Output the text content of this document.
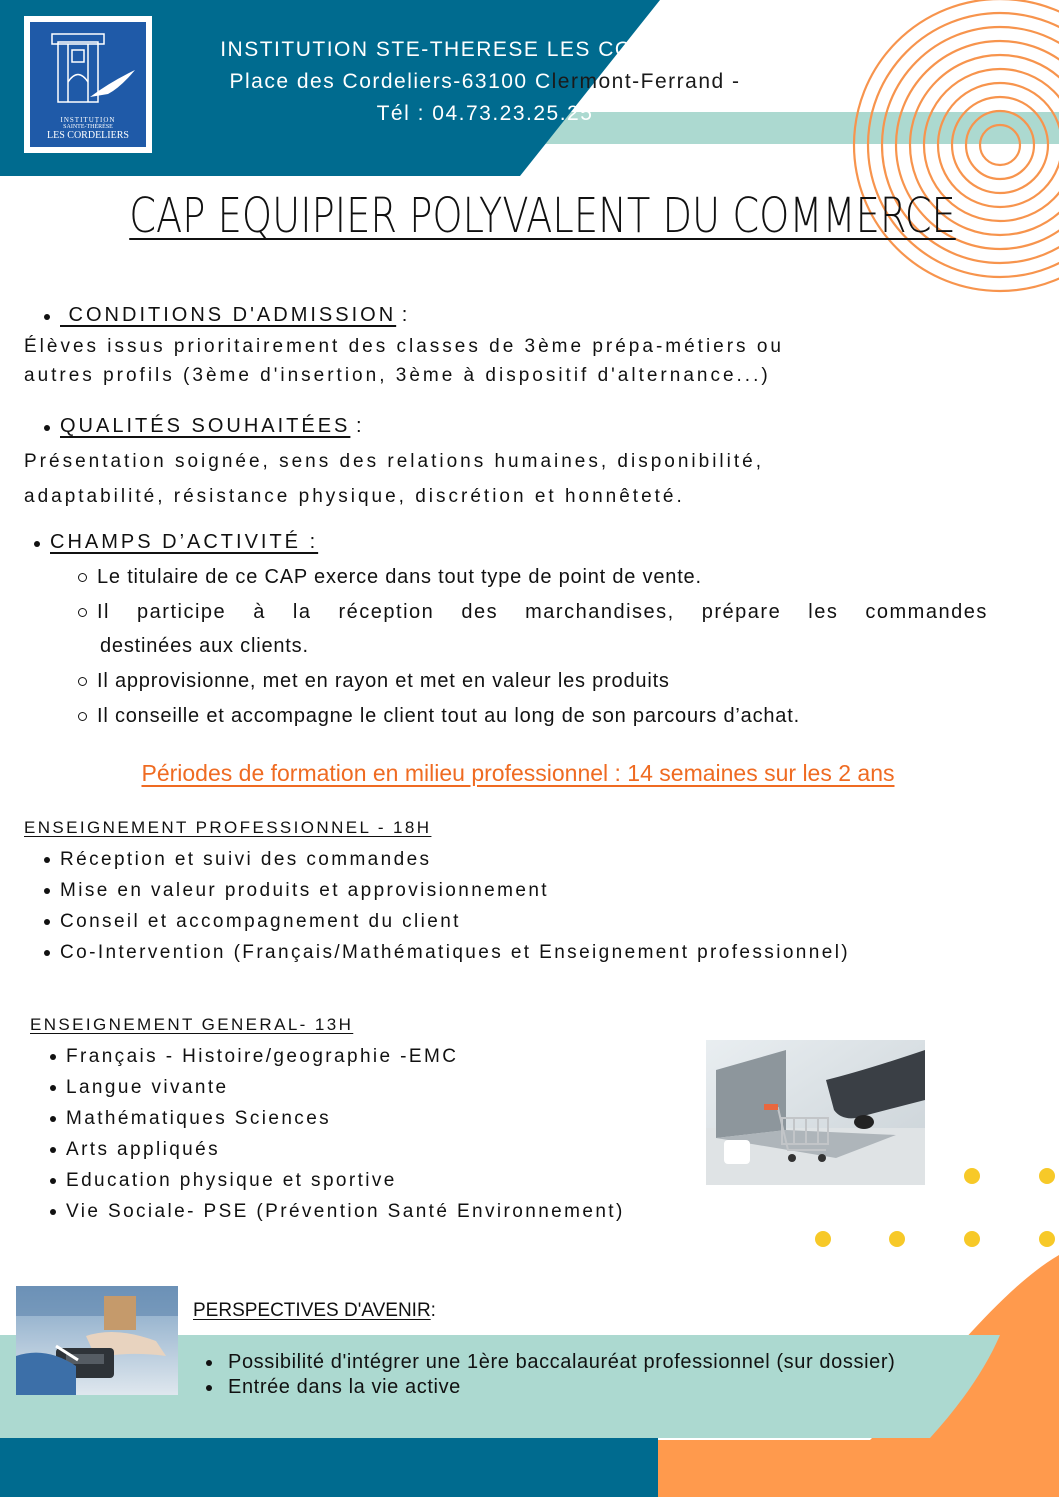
INSTITUTION
SAINTE-THÉRÈSE
LES CORDELIERS
INSTITUTION STE-THERESE LES CORDELIERS
Place des Cordeliers-63100 Clermont-Ferrand -
Tél : 04.73.23.25.25
CAP EQUIPIER POLYVALENT DU COMMERCE
CONDITIONS D'ADMISSION :
Élèves issus prioritairement des classes de 3ème prépa-métiers ou
autres profils (3ème d'insertion, 3ème à dispositif d'alternance...)
QUALITÉS SOUHAITÉES :
Présentation soignée, sens des relations humaines, disponibilité,
adaptabilité, résistance physique, discrétion et honnêteté.
CHAMPS D’ACTIVITÉ :
Le titulaire de ce CAP exerce dans tout type de point de vente.
Il participe à la réception des marchandises, prépare les commandes
destinées aux clients.
Il approvisionne, met en rayon et met en valeur les produits
Il conseille et accompagne le client tout au long de son parcours d’achat.
Périodes de formation en milieu professionnel : 14 semaines sur les 2 ans
ENSEIGNEMENT PROFESSIONNEL - 18H
Réception et suivi des commandes
Mise en valeur produits et approvisionnement
Conseil et accompagnement du client
Co-Intervention (Français/Mathématiques et Enseignement professionnel)
ENSEIGNEMENT GENERAL- 13H
Français - Histoire/geographie -EMC
Langue vivante
Mathématiques Sciences
Arts appliqués
Education physique et sportive
Vie Sociale- PSE (Prévention Santé Environnement)
PERSPECTIVES D'AVENIR:
Possibilité d'intégrer une 1ère baccalauréat professionnel (sur dossier)
Entrée dans la vie active
